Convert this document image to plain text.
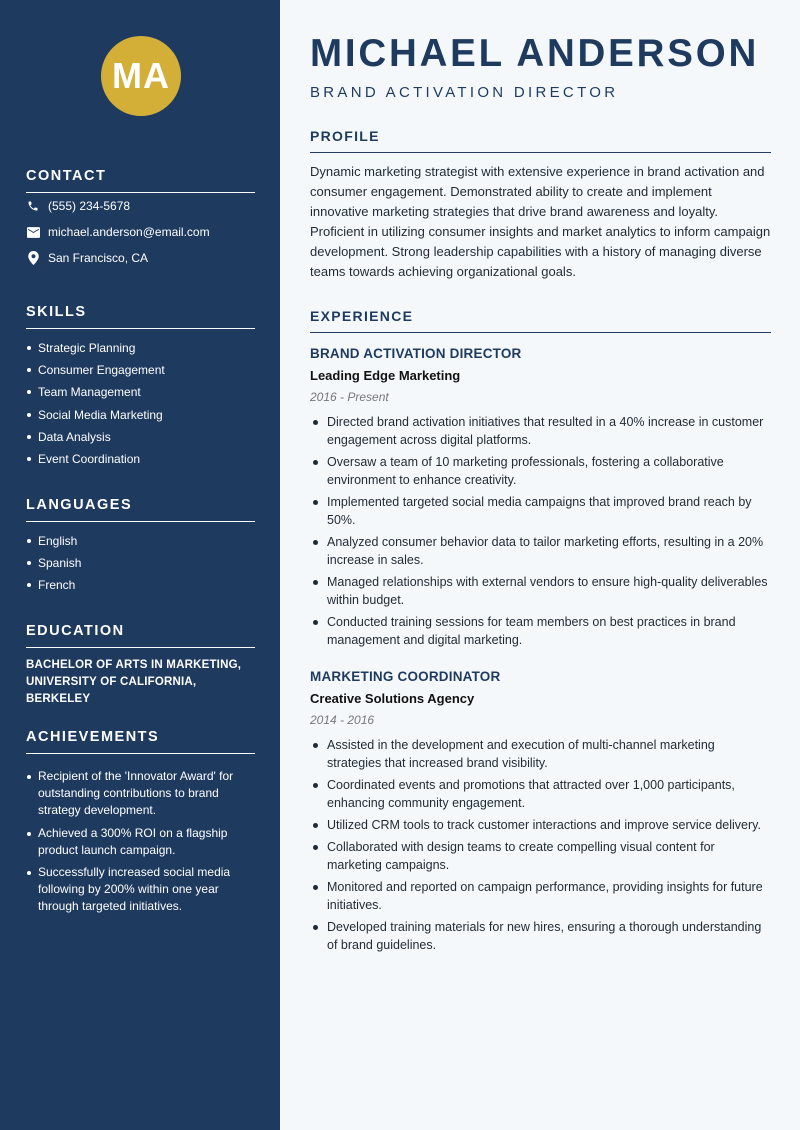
MA
CONTACT
(555) 234-5678
michael.anderson@email.com
San Francisco, CA
SKILLS
Strategic Planning
Consumer Engagement
Team Management
Social Media Marketing
Data Analysis
Event Coordination
LANGUAGES
English
Spanish
French
EDUCATION
BACHELOR OF ARTS IN MARKETING, UNIVERSITY OF CALIFORNIA, BERKELEY
ACHIEVEMENTS
Recipient of the 'Innovator Award' for outstanding contributions to brand strategy development.
Achieved a 300% ROI on a flagship product launch campaign.
Successfully increased social media following by 200% within one year through targeted initiatives.
MICHAEL ANDERSON
BRAND ACTIVATION DIRECTOR
PROFILE
Dynamic marketing strategist with extensive experience in brand activation and consumer engagement. Demonstrated ability to create and implement innovative marketing strategies that drive brand awareness and loyalty. Proficient in utilizing consumer insights and market analytics to inform campaign development. Strong leadership capabilities with a history of managing diverse teams towards achieving organizational goals.
EXPERIENCE
BRAND ACTIVATION DIRECTOR
Leading Edge Marketing
2016 - Present
Directed brand activation initiatives that resulted in a 40% increase in customer engagement across digital platforms.
Oversaw a team of 10 marketing professionals, fostering a collaborative environment to enhance creativity.
Implemented targeted social media campaigns that improved brand reach by 50%.
Analyzed consumer behavior data to tailor marketing efforts, resulting in a 20% increase in sales.
Managed relationships with external vendors to ensure high-quality deliverables within budget.
Conducted training sessions for team members on best practices in brand management and digital marketing.
MARKETING COORDINATOR
Creative Solutions Agency
2014 - 2016
Assisted in the development and execution of multi-channel marketing strategies that increased brand visibility.
Coordinated events and promotions that attracted over 1,000 participants, enhancing community engagement.
Utilized CRM tools to track customer interactions and improve service delivery.
Collaborated with design teams to create compelling visual content for marketing campaigns.
Monitored and reported on campaign performance, providing insights for future initiatives.
Developed training materials for new hires, ensuring a thorough understanding of brand guidelines.
